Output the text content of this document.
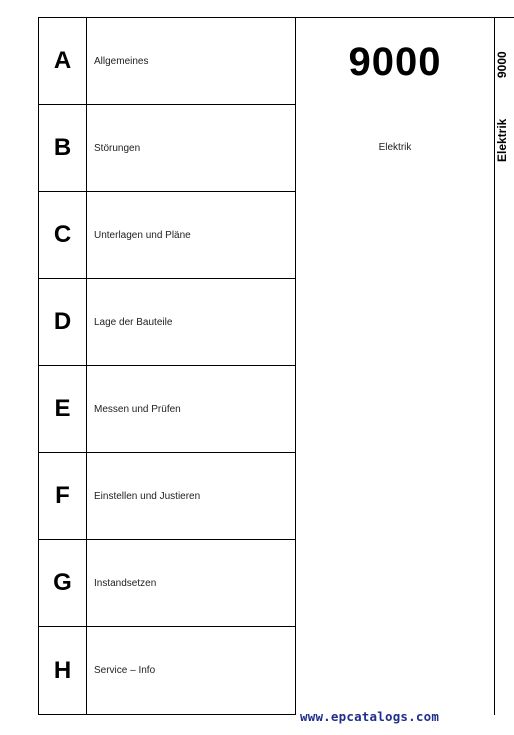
A Allgemeines
B Störungen
C Unterlagen und Pläne
D Lage der Bauteile
E Messen und Prüfen
F Einstellen und Justieren
G Instandsetzen
H Service – Info
9000
Elektrik
9000
Elektrik
www.epcatalogs.com
